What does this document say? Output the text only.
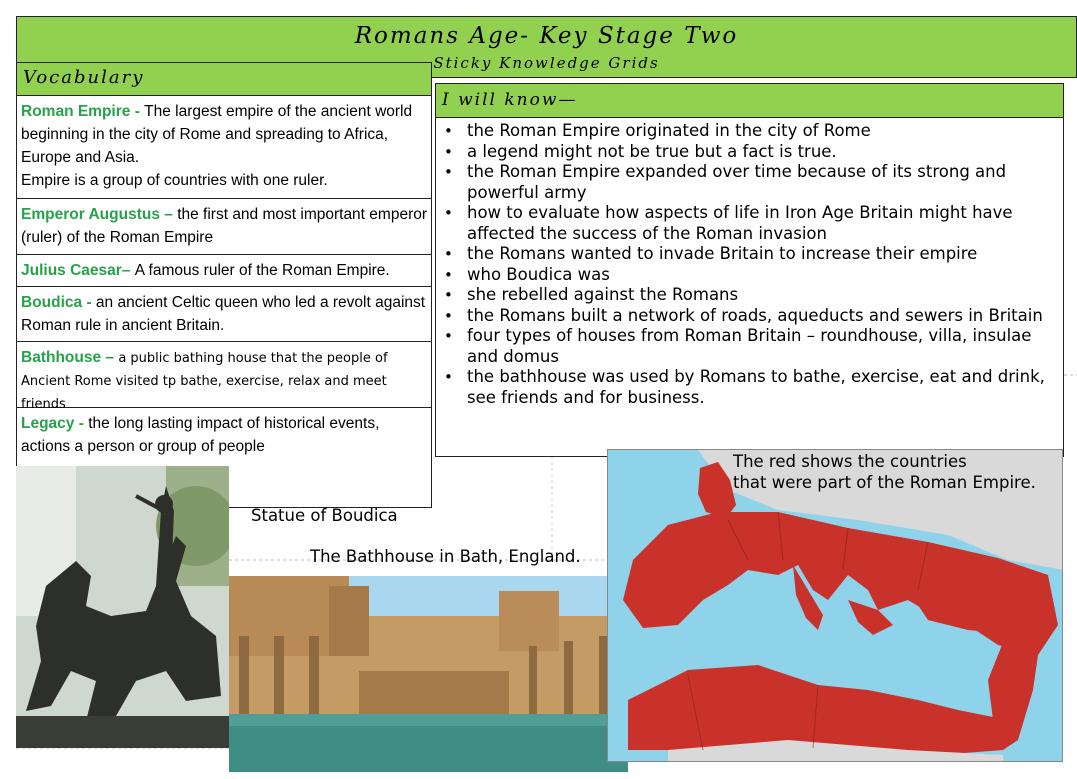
Romans Age- Key Stage Two
Sticky Knowledge Grids
Vocabulary
Roman Empire - The largest empire of the ancient world beginning in the city of Rome and spreading to Africa, Europe and Asia.
Empire is a group of countries with one ruler.
Emperor Augustus – the first and most important emperor (ruler) of the Roman Empire
Julius Caesar– A famous ruler of the Roman Empire.
Boudica - an ancient Celtic queen who led a revolt against Roman rule in ancient Britain.
Bathhouse – a public bathing house that the people of Ancient Rome visited tp bathe, exercise, relax and meet friends
Legacy - the long lasting impact of historical events, actions a person or group of people
I will know—
• the Roman Empire originated in the city of Rome
• a legend might not be true but a fact is true.
• the Roman Empire expanded over time because of its strong and powerful army
• how to evaluate how aspects of life in Iron Age Britain might have affected the success of the Roman invasion
• the Romans wanted to invade Britain to increase their empire
• who Boudica was
• she rebelled against the Romans
• the Romans built a network of roads, aqueducts and sewers in Britain
• four types of houses from Roman Britain – roundhouse, villa, insulae and domus
• the bathhouse was used by Romans to bathe, exercise, eat and drink, see friends and for business.
Statue of Boudica
The Bathhouse in Bath, England.
The red shows the countries
that were part of the Roman Empire.
